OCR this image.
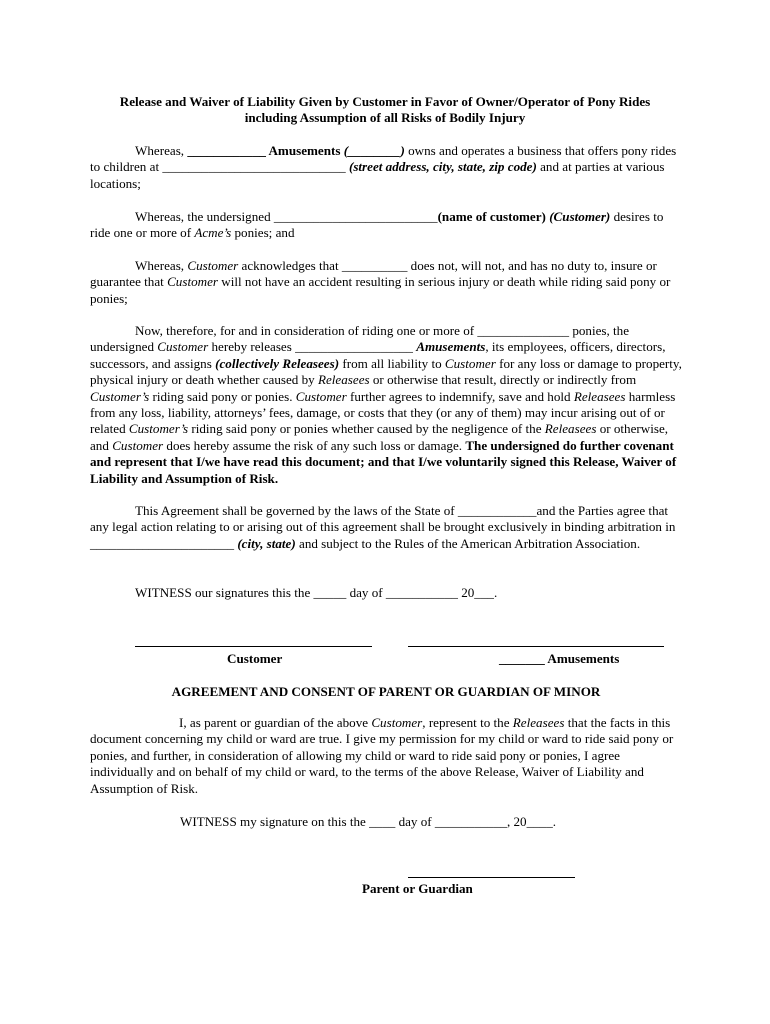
Release and Waiver of Liability Given by Customer in Favor of Owner/Operator of Pony Rides
including Assumption of all Risks of Bodily Injury
Whereas, ____________ Amusements (________) owns and operates a business that offers pony rides to children at ____________________________ (street address, city, state, zip code) and at parties at various locations;
Whereas, the undersigned _________________________(name of customer) (Customer) desires to ride one or more of Acme’s ponies; and
Whereas, Customer acknowledges that __________ does not, will not, and has no duty to, insure or guarantee that Customer will not have an accident resulting in serious injury or death while riding said pony or ponies;
Now, therefore, for and in consideration of riding one or more of ______________ ponies, the undersigned Customer hereby releases __________________ Amusements, its employees, officers, directors, successors, and assigns (collectively Releasees) from all liability to Customer for any loss or damage to property, physical injury or death whether caused by Releasees or otherwise that result, directly or indirectly from Customer’s riding said pony or ponies. Customer further agrees to indemnify, save and hold Releasees harmless from any loss, liability, attorneys’ fees, damage, or costs that they (or any of them) may incur arising out of or related Customer’s riding said pony or ponies whether caused by the negligence of the Releasees or otherwise, and Customer does hereby assume the risk of any such loss or damage. The undersigned do further covenant and represent that I/we have read this document; and that I/we voluntarily signed this Release, Waiver of Liability and Assumption of Risk.
This Agreement shall be governed by the laws of the State of ____________and the Parties agree that any legal action relating to or arising out of this agreement shall be brought exclusively in binding arbitration in ______________________ (city, state) and subject to the Rules of the American Arbitration Association.
WITNESS our signatures this the _____ day of ___________ 20___.
Customer	_______ Amusements
AGREEMENT AND CONSENT OF PARENT OR GUARDIAN OF MINOR
I, as parent or guardian of the above Customer, represent to the Releasees that the facts in this document concerning my child or ward are true. I give my permission for my child or ward to ride said pony or ponies, and further, in consideration of allowing my child or ward to ride said pony or ponies, I agree individually and on behalf of my child or ward, to the terms of the above Release, Waiver of Liability and Assumption of Risk.
WITNESS my signature on this the ____ day of ___________, 20____.
Parent or Guardian
